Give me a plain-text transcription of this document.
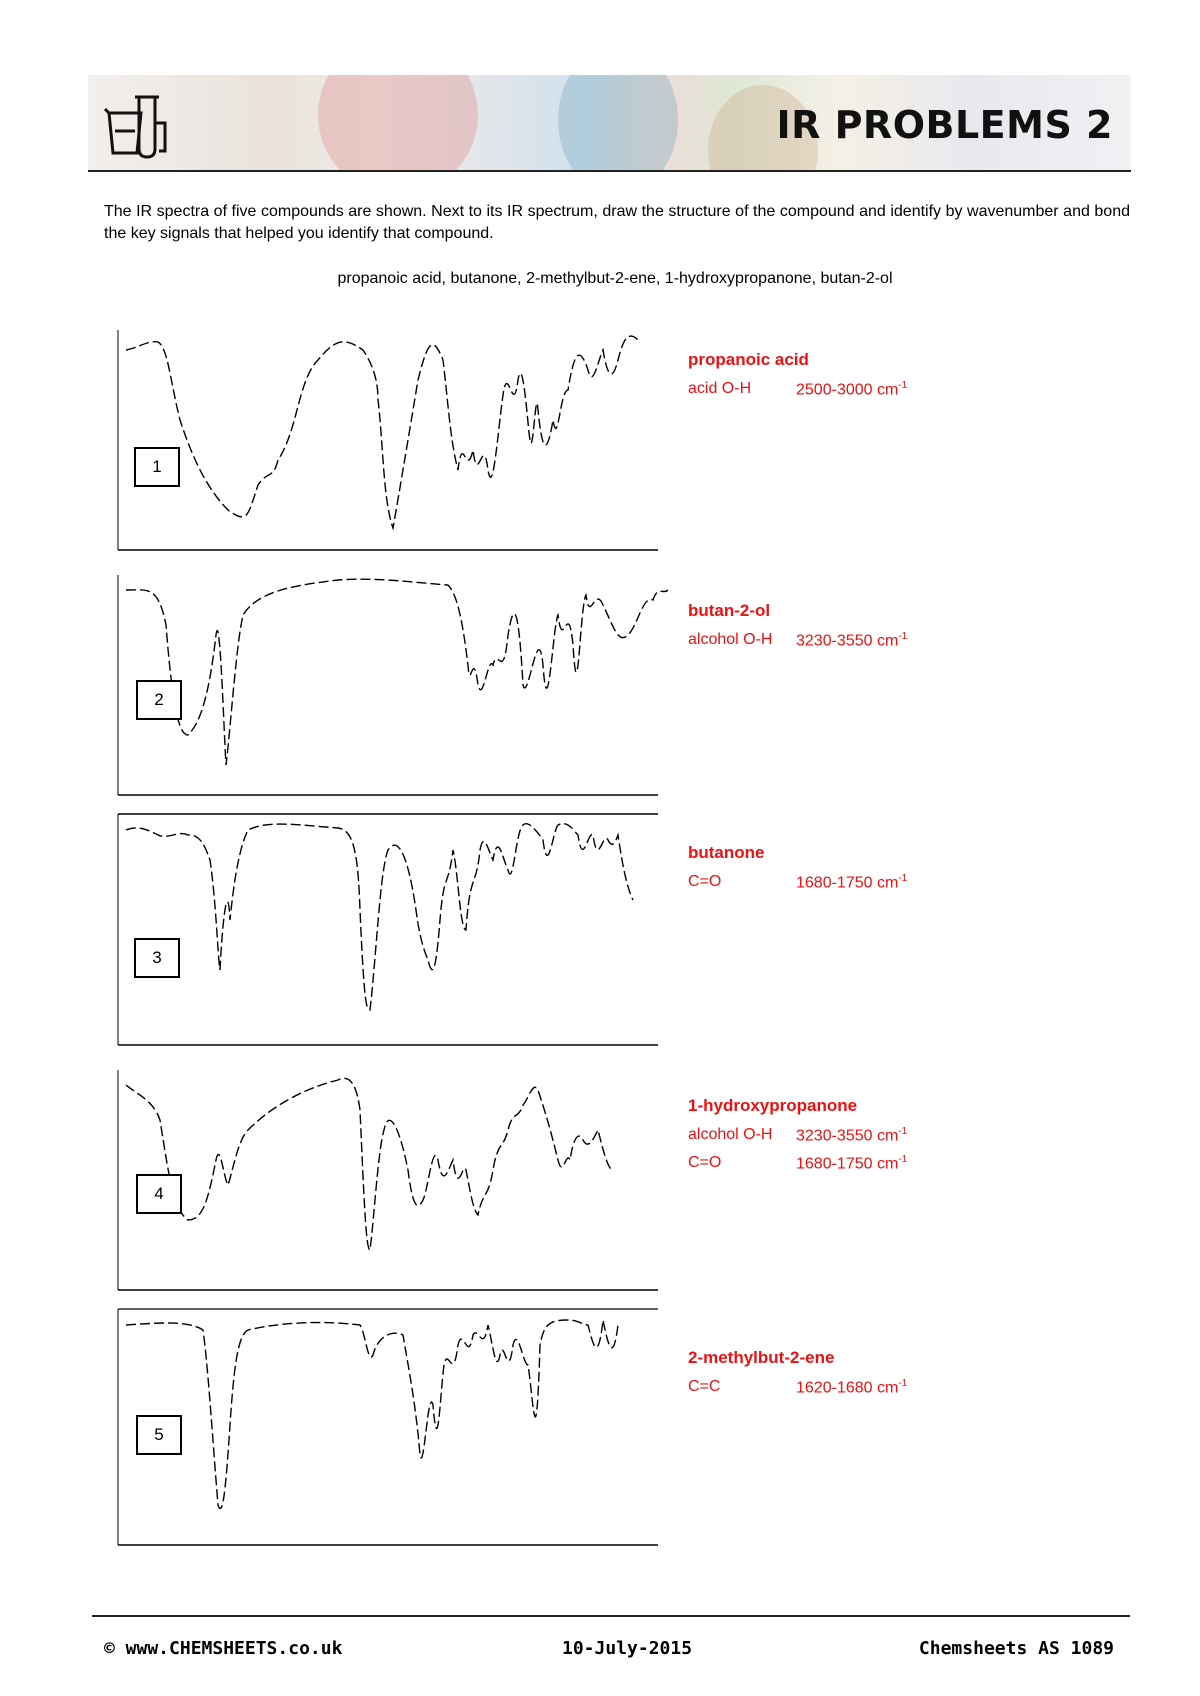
IR PROBLEMS 2
The IR spectra of five compounds are shown. Next to its IR spectrum, draw the structure of the compound and identify by wavenumber and bond the key signals that helped you identify that compound.
propanoic acid, butanone, 2-methylbut-2-ene, 1-hydroxypropanone, butan-2-ol
1
2
3
4
5
propanoic acid
acid O-H	2500-3000 $cm^{-1}$
butan-2-ol
alcohol O-H	3230-3550 $cm^{-1}$
butanone
C=O	1680-1750 $cm^{-1}$
1-hydroxypropanone
alcohol O-H	3230-3550 $cm^{-1}$
C=O	1680-1750 $cm^{-1}$
2-methylbut-2-ene
C=C	1620-1680 $cm^{-1}$
© www.CHEMSHEETS.co.uk	10-July-2015	Chemsheets AS 1089
